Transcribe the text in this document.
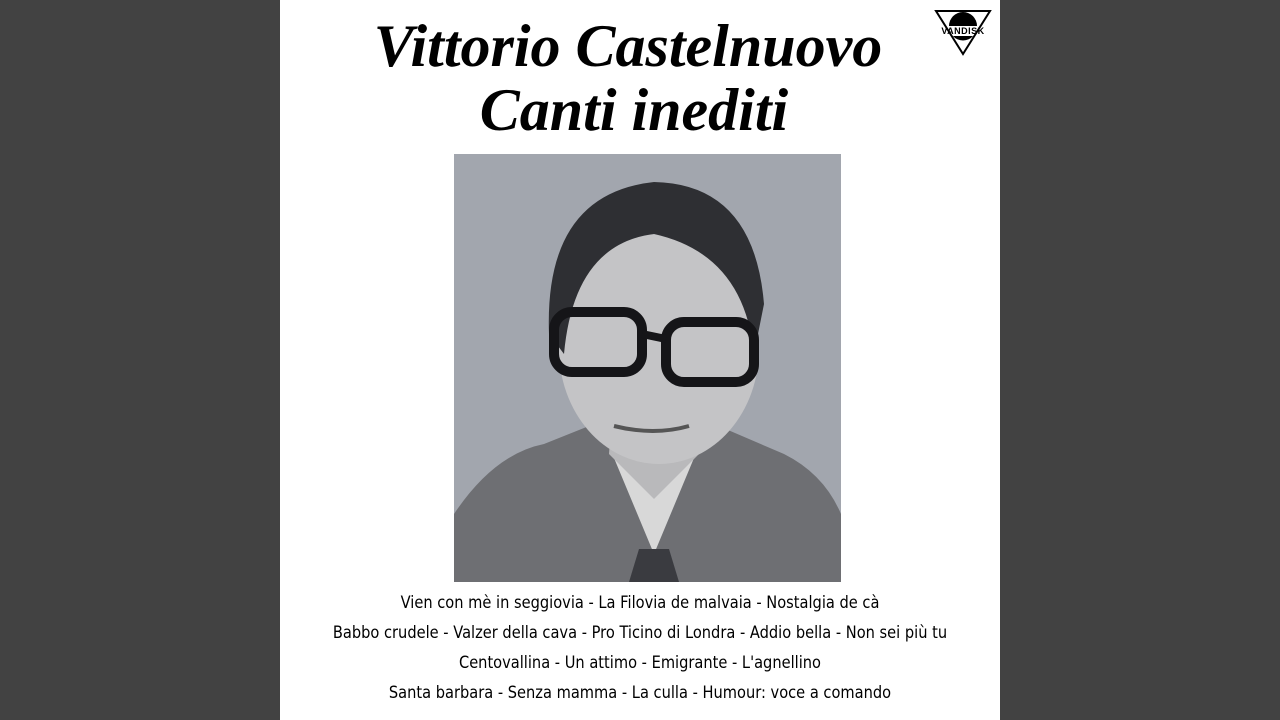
Vittorio Castelnuovo
Canti inediti
VANDISK
Vien con mè in seggiovia - La Filovia de malvaia - Nostalgia de cà
Babbo crudele - Valzer della cava - Pro Ticino di Londra - Addio bella - Non sei più tu
Centovallina - Un attimo - Emigrante - L'agnellino
Santa barbara - Senza mamma - La culla - Humour: voce a comando
